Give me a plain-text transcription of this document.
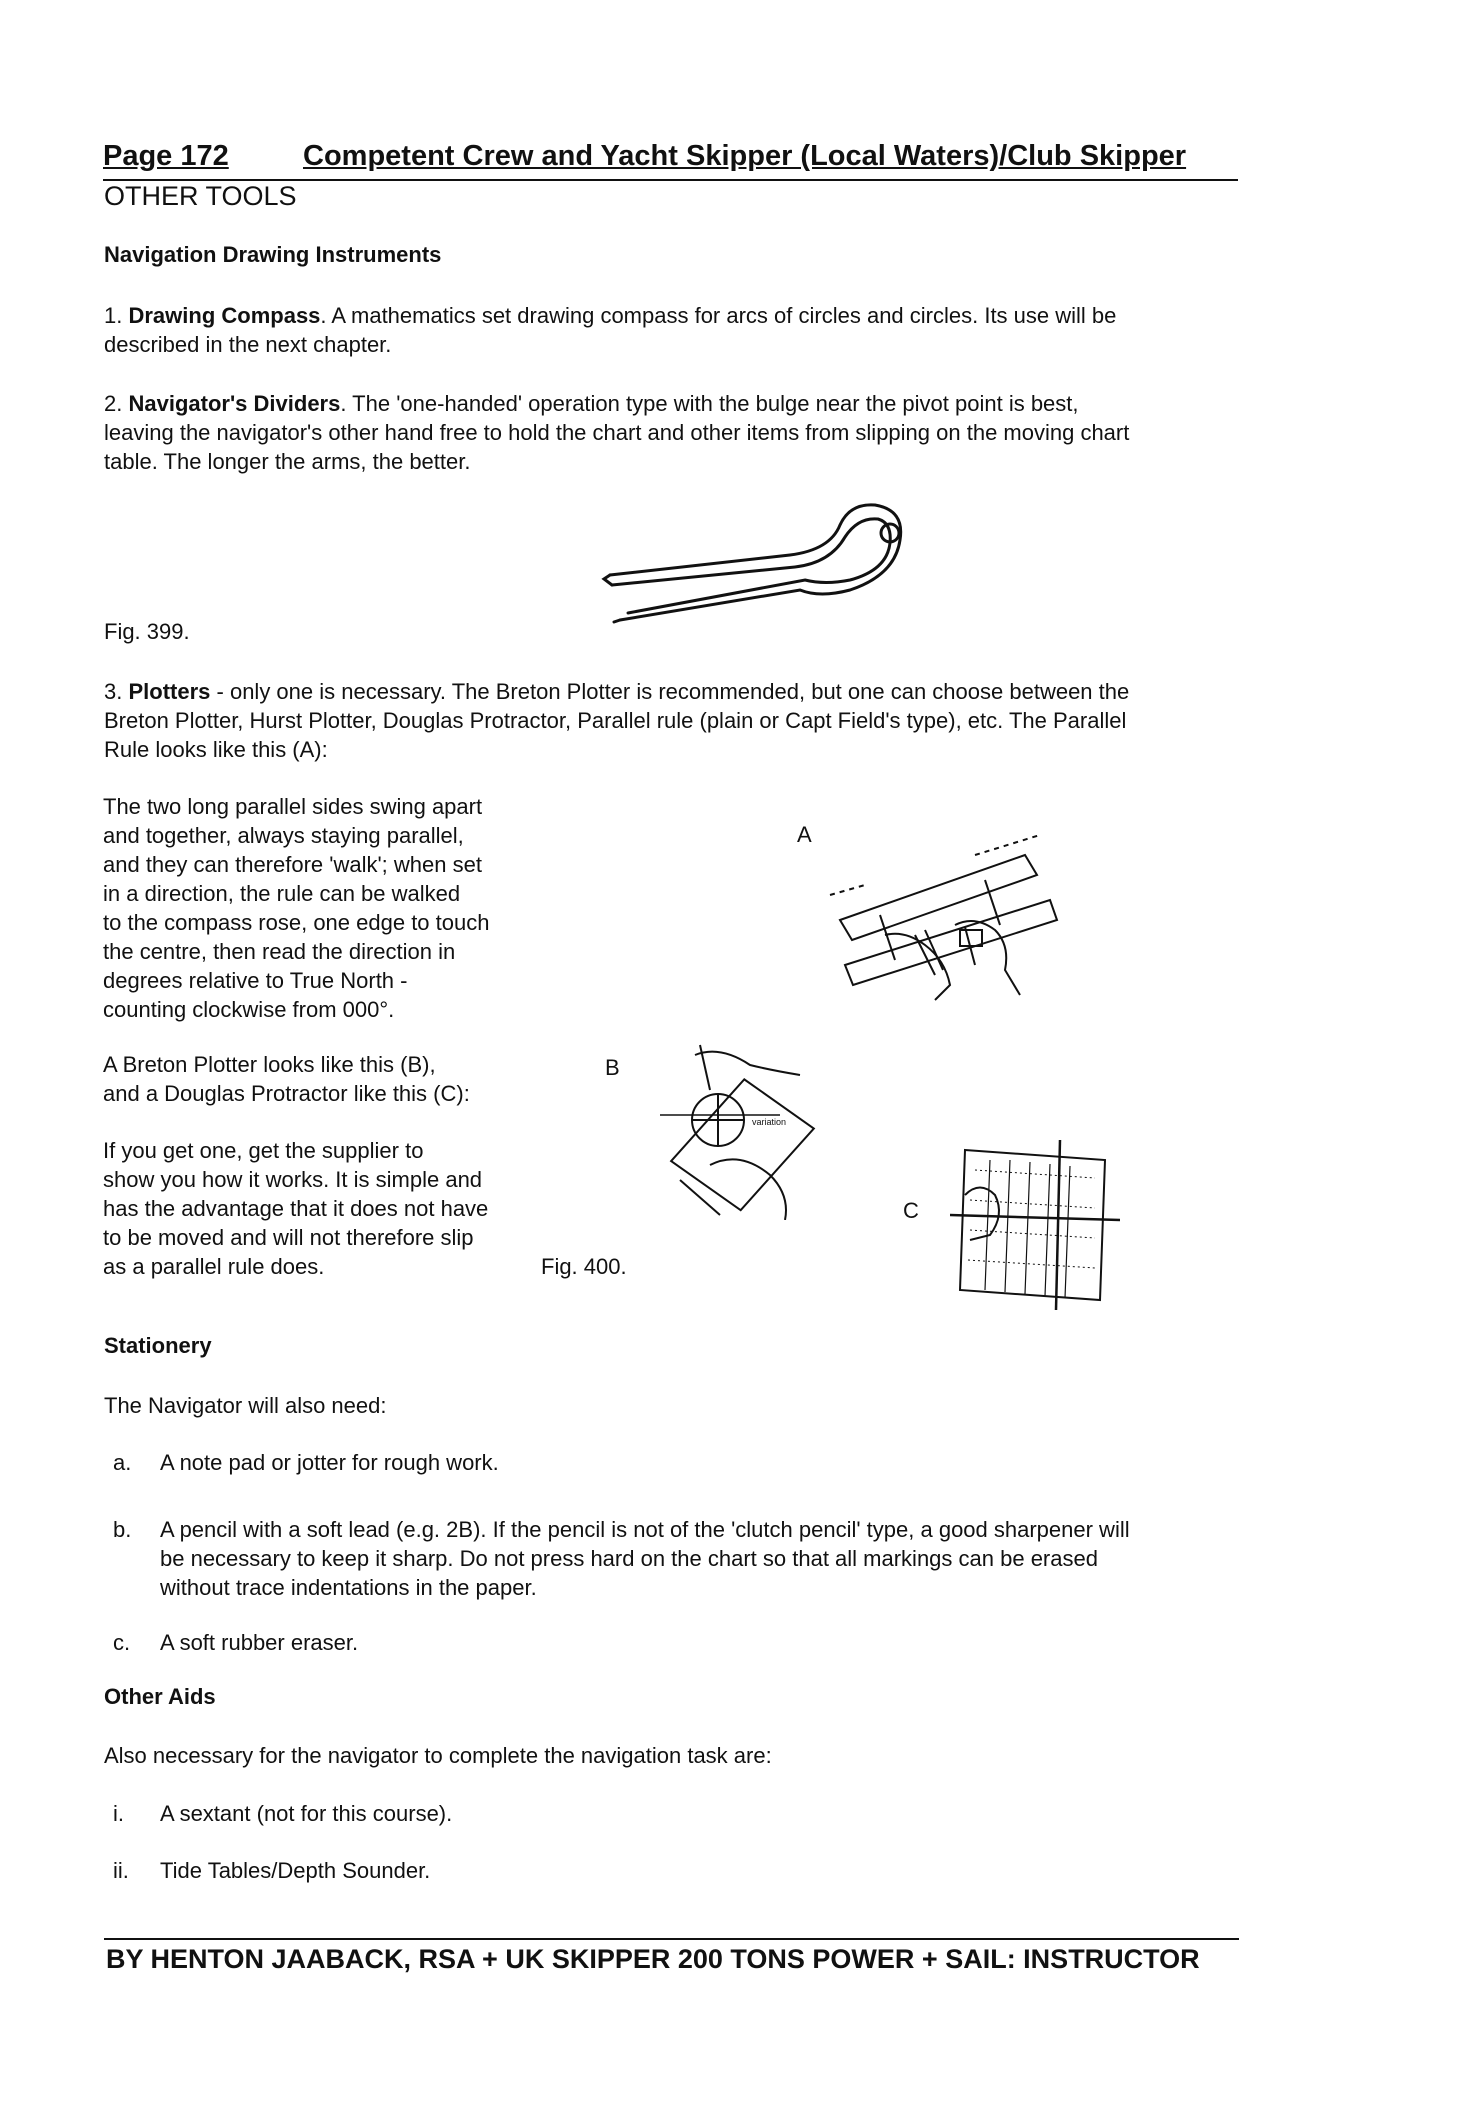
Page 172	Competent Crew and Yacht Skipper (Local Waters)/Club Skipper
OTHER TOOLS
Navigation Drawing Instruments
1. Drawing Compass. A mathematics set drawing compass for arcs of circles and circles. Its use will be
described in the next chapter.
2. Navigator's Dividers. The 'one-handed' operation type with the bulge near the pivot point is best,
leaving the navigator's other hand free to hold the chart and other items from slipping on the moving chart
table. The longer the arms, the better.
Fig. 399.
3. Plotters - only one is necessary. The Breton Plotter is recommended, but one can choose between the
Breton Plotter, Hurst Plotter, Douglas Protractor, Parallel rule (plain or Capt Field's type), etc. The Parallel
Rule looks like this (A):
The two long parallel sides swing apart
and together, always staying parallel,
and they can therefore 'walk'; when set
in a direction, the rule can be walked
to the compass rose, one edge to touch
the centre, then read the direction in
degrees relative to True North -
counting clockwise from 000°.
A
A Breton Plotter looks like this (B),
and a Douglas Protractor like this (C):
B
variation
If you get one, get the supplier to
show you how it works. It is simple and
has the advantage that it does not have
to be moved and will not therefore slip
as a parallel rule does.	Fig. 400.
C
Stationery
The Navigator will also need:
a. A note pad or jotter for rough work.
b. A pencil with a soft lead (e.g. 2B). If the pencil is not of the 'clutch pencil' type, a good sharpener will
be necessary to keep it sharp. Do not press hard on the chart so that all markings can be erased
without trace indentations in the paper.
c. A soft rubber eraser.
Other Aids
Also necessary for the navigator to complete the navigation task are:
i. A sextant (not for this course).
ii. Tide Tables/Depth Sounder.
BY HENTON JAABACK, RSA + UK SKIPPER 200 TONS POWER + SAIL: INSTRUCTOR
